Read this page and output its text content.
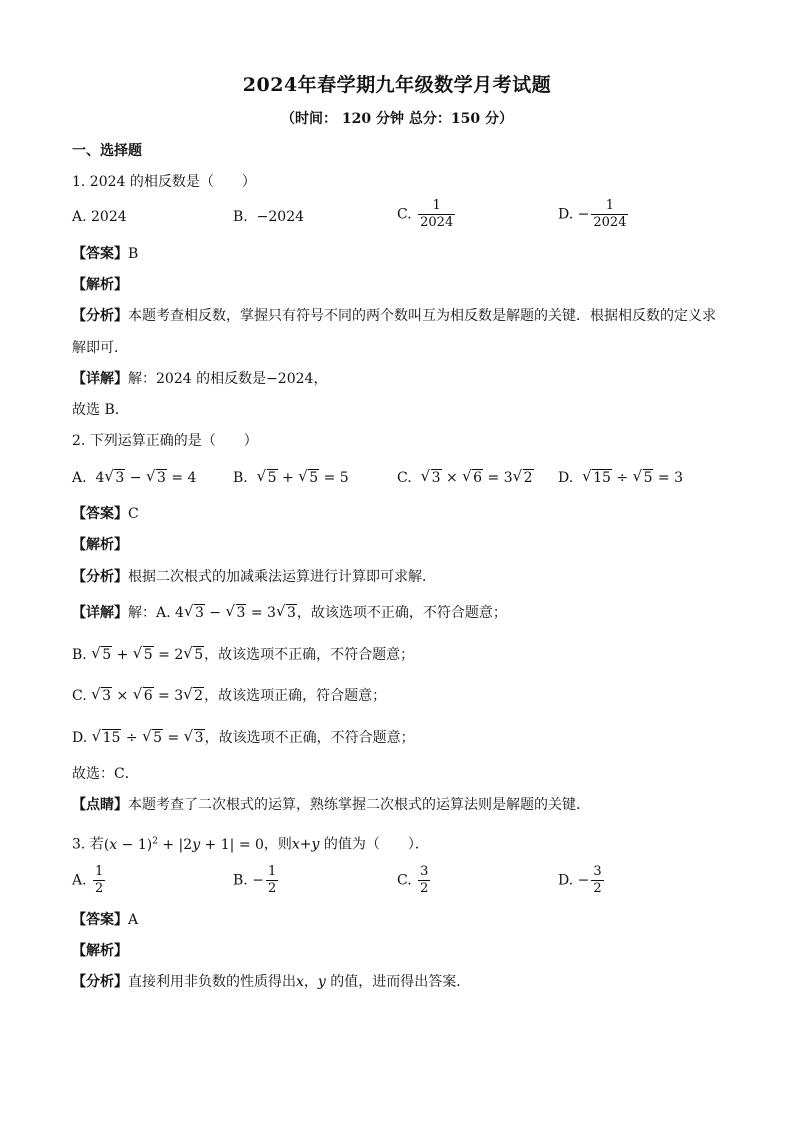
2024年春学期九年级数学月考试题
（时间： 120 分钟 总分：150 分）
一、选择题
1. 2024 的相反数是（　　）
A. 2024	B. −2024	C. $\frac{1}{2024}$	D. − $\frac{1}{2024}$
【答案】B
【解析】
【分析】本题考查相反数，掌握只有符号不同的两个数叫互为相反数是解题的关键．根据相反数的定义求
解即可．
【详解】解：2024 的相反数是−2024，
故选 B．
2. 下列运算正确的是（　　）
A. 4 √ 3 − √ 3 = 4	B. √ 5 + √ 5 = 5	C. √ 3 × √ 6 = 3 √ 2 D. √ 15 ÷ √ 5 = 3
【答案】C
【解析】
【分析】根据二次根式的加减乘法运算进行计算即可求解．
【详解】解：A. 4 √ 3 − √ 3 = 3 √ 3，故该选项不正确，不符合题意；
B. √ 5 + √ 5 = 2 √ 5，故该选项不正确，不符合题意；
C. √ 3 × √ 6 = 3 √ 2，故该选项正确，符合题意；
D. √ 15 ÷ √ 5 = √ 3，故该选项不正确，不符合题意；
故选：C．
【点睛】本题考查了二次根式的运算，熟练掌握二次根式的运算法则是解题的关键．
3. 若$(x - 1)^2 + |2y + 1| = 0$，则x+y 的值为（　　）．
A. $\frac{1}{2}$	B. − $\frac{1}{2}$	C. $\frac{3}{2}$	D. − $\frac{3}{2}$
【答案】A
【解析】
【分析】直接利用非负数的性质得出x，y 的值，进而得出答案．
